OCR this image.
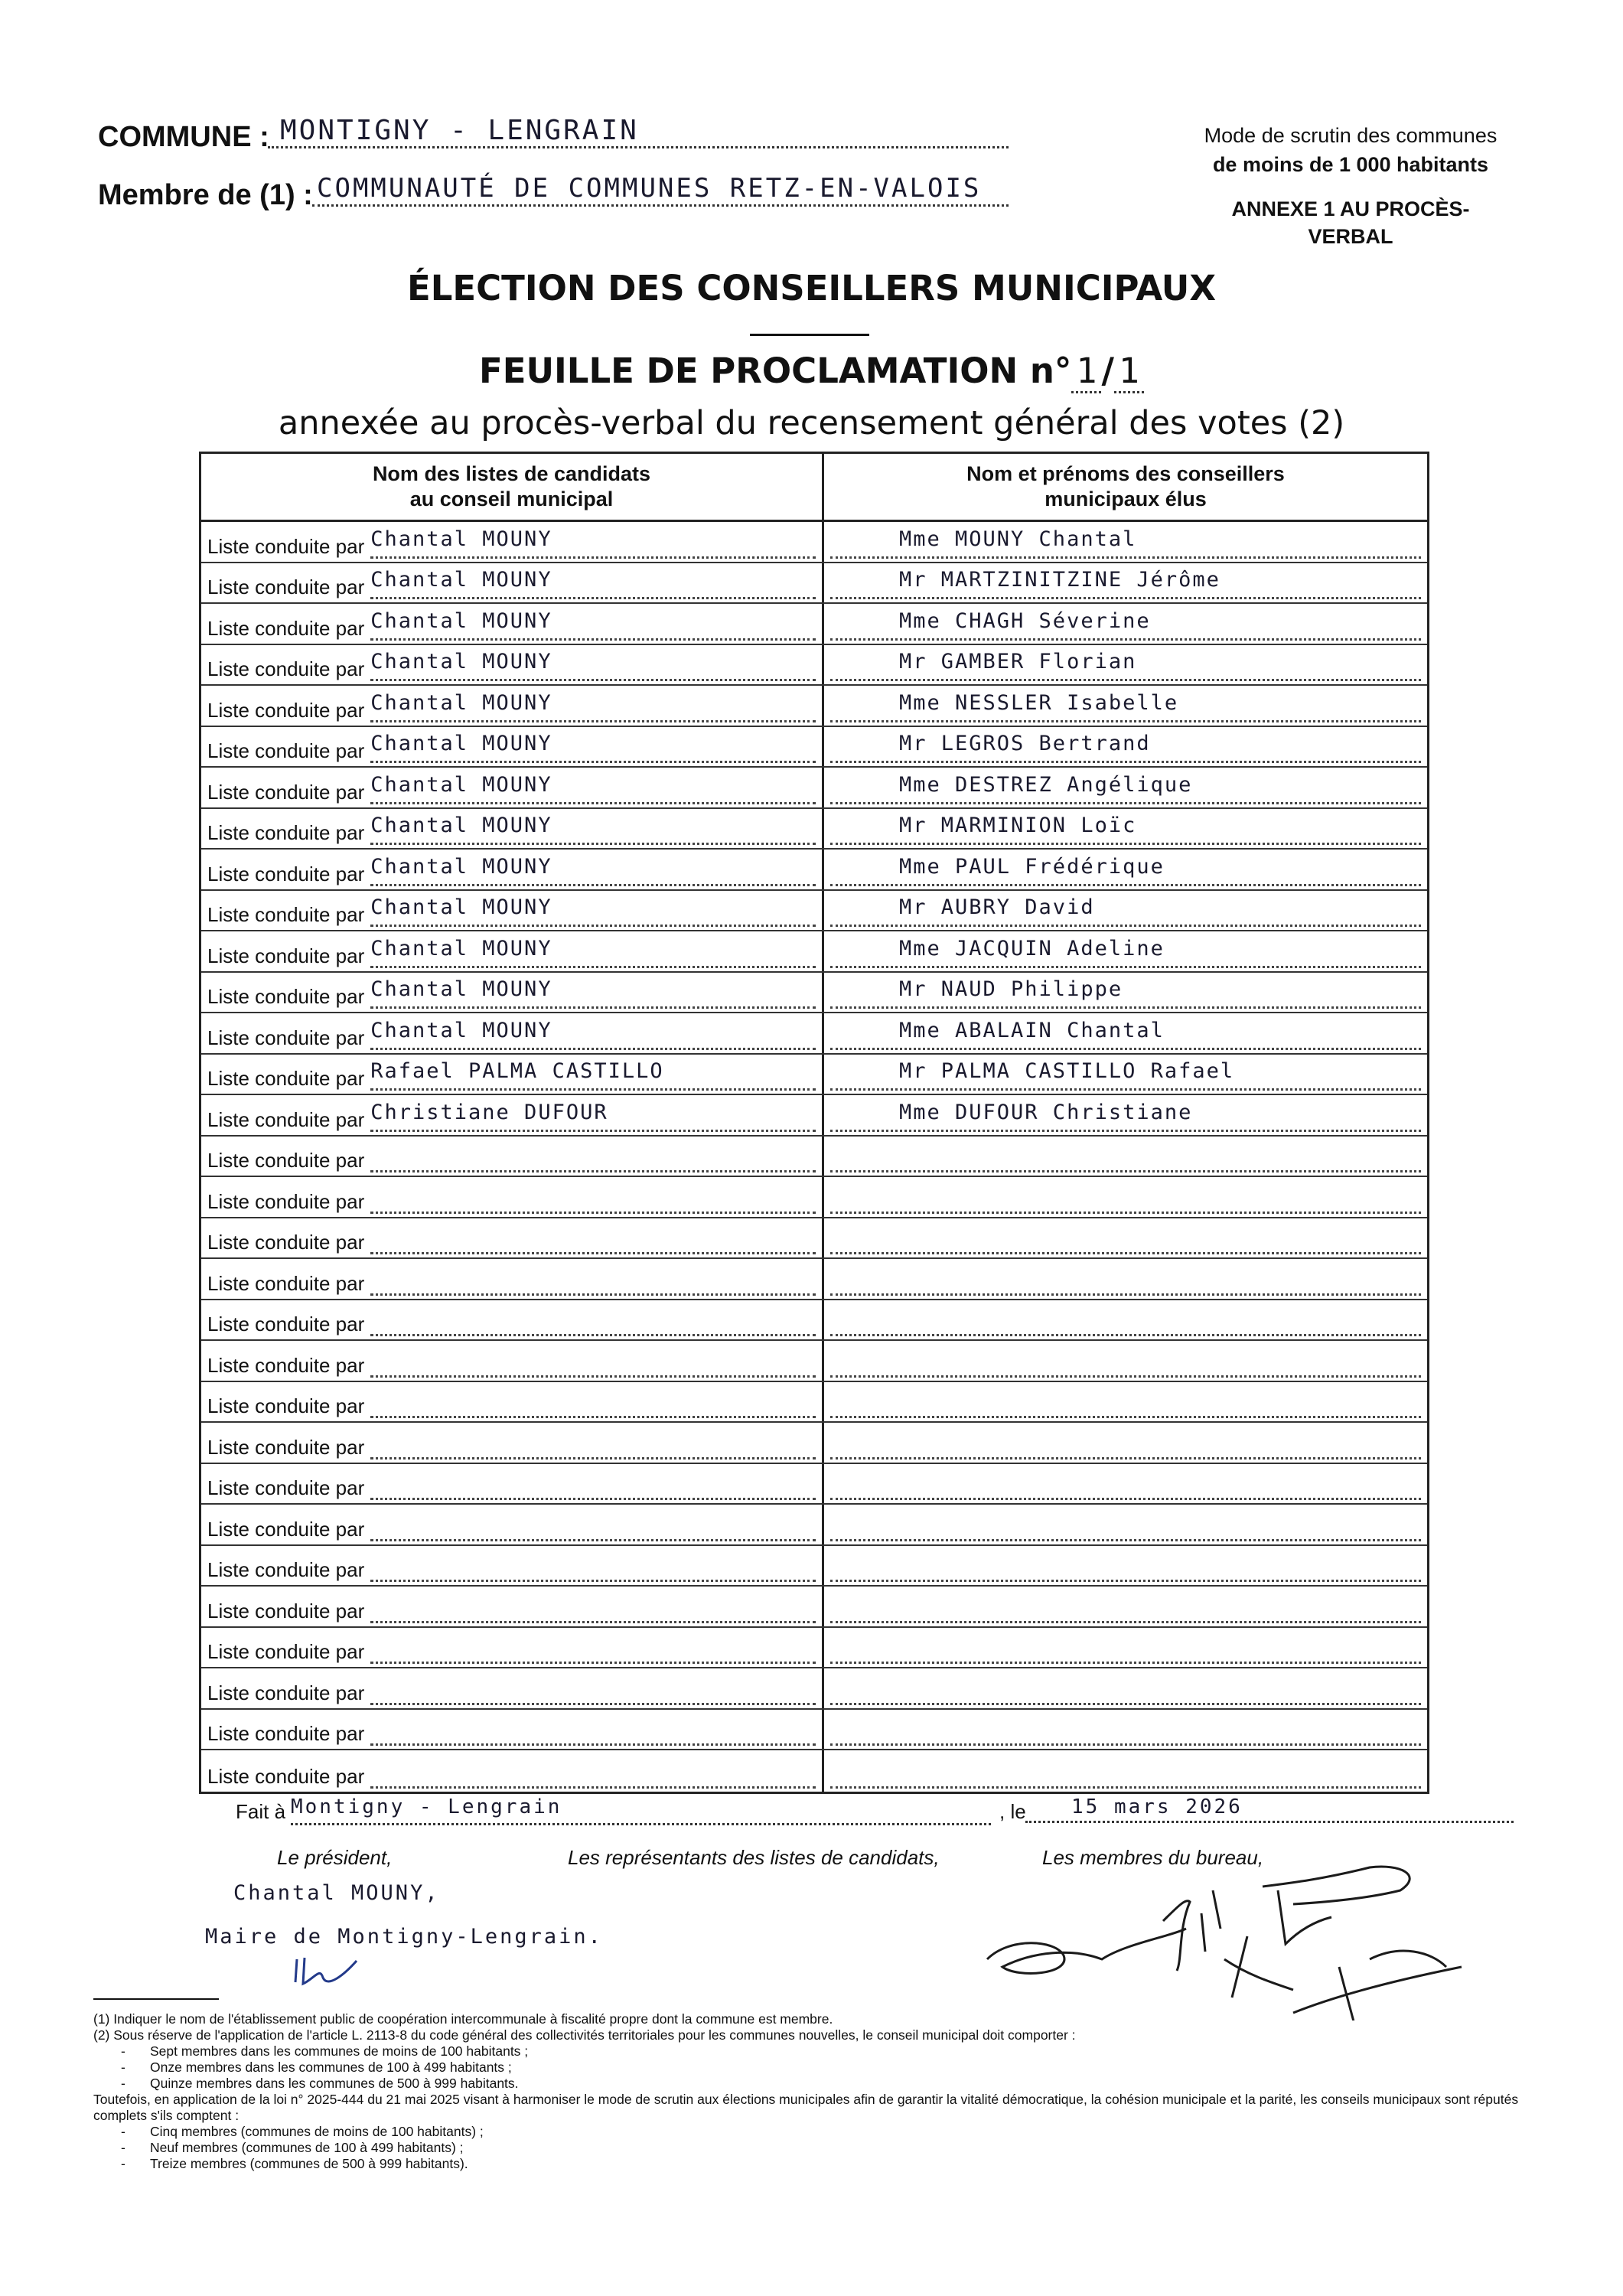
COMMUNE : MONTIGNY - LENGRAIN
Membre de (1) : COMMUNAUTÉ DE COMMUNES RETZ-EN-VALOIS
Mode de scrutin des communes
de moins de 1 000 habitants
ANNEXE 1 AU PROCÈS-
VERBAL
ÉLECTION DES CONSEILLERS MUNICIPAUX
FEUILLE DE PROCLAMATION n° 1 / 1
annexée au procès-verbal du recensement général des votes (2)
Nom des listes de candidats
au conseil municipal
Nom et prénoms des conseillers
municipaux élus
Liste conduite par Chantal MOUNY	Mme MOUNY Chantal
Liste conduite par Chantal MOUNY	Mr MARTZINITZINE Jérôme
Liste conduite par Chantal MOUNY	Mme CHAGH Séverine
Liste conduite par Chantal MOUNY	Mr GAMBER Florian
Liste conduite par Chantal MOUNY	Mme NESSLER Isabelle
Liste conduite par Chantal MOUNY	Mr LEGROS Bertrand
Liste conduite par Chantal MOUNY	Mme DESTREZ Angélique
Liste conduite par Chantal MOUNY	Mr MARMINION Loïc
Liste conduite par Chantal MOUNY	Mme PAUL Frédérique
Liste conduite par Chantal MOUNY	Mr AUBRY David
Liste conduite par Chantal MOUNY	Mme JACQUIN Adeline
Liste conduite par Chantal MOUNY	Mr NAUD Philippe
Liste conduite par Chantal MOUNY	Mme ABALAIN Chantal
Liste conduite par Rafael PALMA CASTILLO	Mr PALMA CASTILLO Rafael
Liste conduite par Christiane DUFOUR	Mme DUFOUR Christiane
Liste conduite par
Liste conduite par
Liste conduite par
Liste conduite par
Liste conduite par
Liste conduite par
Liste conduite par
Liste conduite par
Liste conduite par
Liste conduite par
Liste conduite par
Liste conduite par
Liste conduite par
Liste conduite par
Liste conduite par
Liste conduite par
Fait à Montigny - Lengrain	, le	15 mars 2026
Le président,	Les représentants des listes de candidats,	Les membres du bureau,
Chantal MOUNY,
Maire de Montigny-Lengrain.
(1) Indiquer le nom de l'établissement public de coopération intercommunale à fiscalité propre dont la commune est membre.
(2) Sous réserve de l'application de l'article L. 2113-8 du code général des collectivités territoriales pour les communes nouvelles, le conseil municipal doit comporter :
- Sept membres dans les communes de moins de 100 habitants ;
- Onze membres dans les communes de 100 à 499 habitants ;
- Quinze membres dans les communes de 500 à 999 habitants.
Toutefois, en application de la loi n° 2025-444 du 21 mai 2025 visant à harmoniser le mode de scrutin aux élections municipales afin de garantir la vitalité démocratique, la cohésion municipale et la parité, les conseils municipaux sont réputés complets s'ils comptent :
- Cinq membres (communes de moins de 100 habitants) ;
- Neuf membres (communes de 100 à 499 habitants) ;
- Treize membres (communes de 500 à 999 habitants).
